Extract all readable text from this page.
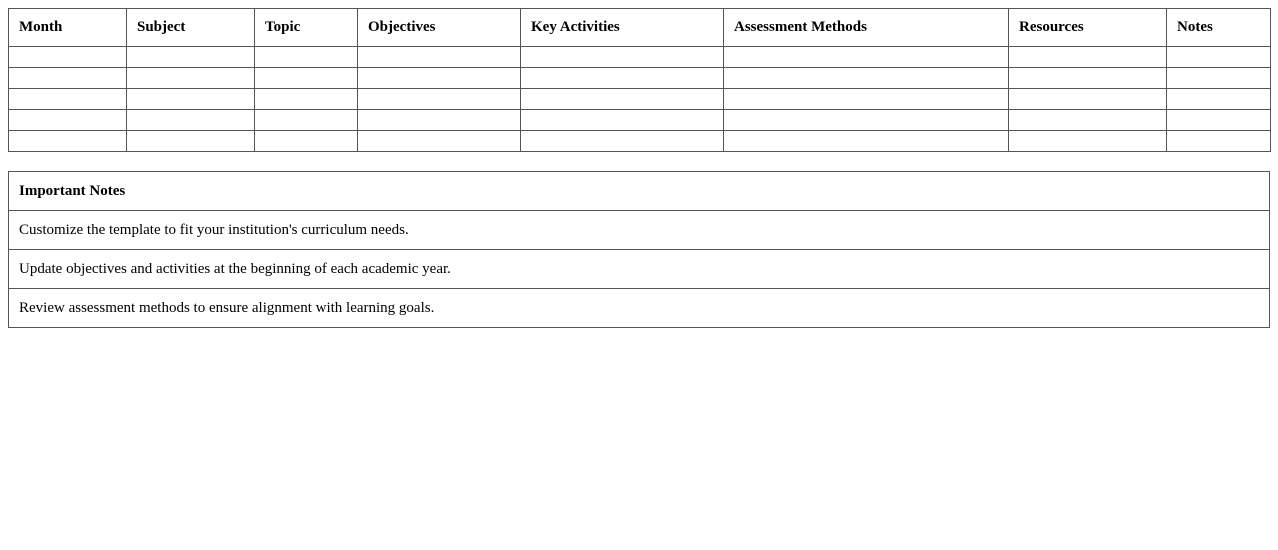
Month	Subject	Topic	Objectives	Key Activities	Assessment Methods	Resources	Notes

Important Notes
Customize the template to fit your institution's curriculum needs.
Update objectives and activities at the beginning of each academic year.
Review assessment methods to ensure alignment with learning goals.
